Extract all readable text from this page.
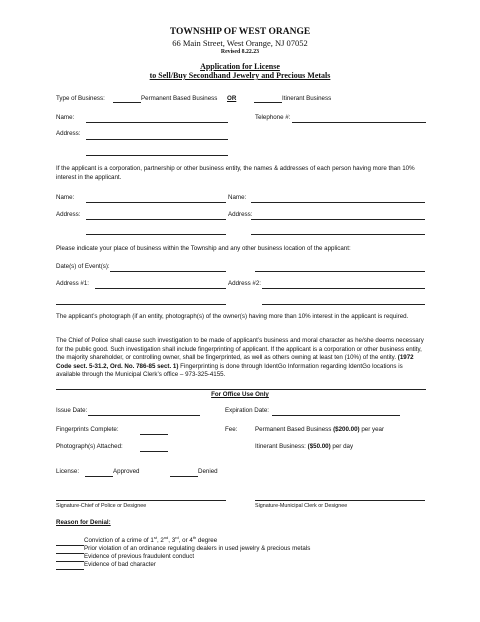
TOWNSHIP OF WEST ORANGE
66 Main Street, West Orange, NJ 07052
Revised 8.22.23
Application for License
to Sell/Buy Secondhand Jewelry and Precious Metals
Type of Business:	Permanent Based Business OR	Itinerant Business
Name:	Telephone #:
Address:
If the applicant is a corporation, partnership or other business entity, the names & addresses of each person having more than 10% interest in the applicant.
Name:	Name:
Address:	Address:
Please indicate your place of business within the Township and any other business location of the applicant:
Date(s) of Event(s):
Address #1:	Address #2:
The applicant’s photograph (if an entity, photograph(s) of the owner(s) having more than 10% interest in the applicant is required.
The Chief of Police shall cause such investigation to be made of applicant’s business and moral character as he/she deems necessary for the public good. Such investigation shall include fingerprinting of applicant. If the applicant is a corporation or other business entity, the majority shareholder, or controlling owner, shall be fingerprinted, as well as others owning at least ten (10%) of the entity. (1972 Code sect. 5-31.2, Ord. No. 786-85 sect. 1) Fingerprinting is done through IdentGo Information regarding IdentGo locations is available through the Municipal Clerk’s office – 973-325-4155.
For Office Use Only
Issue Date:	Expiration Date:
Fingerprints Complete:	Fee:	Permanent Based Business ($200.00) per year
Photograph(s) Attached:	Itinerant Business: ($50.00) per day
License:	Approved	Denied
Signature-Chief of Police or Designee	Signature-Municipal Clerk or Designee
Reason for Denial:
Conviction of a crime of 1st, 2nd, 3rd, or 4th degree
Prior violation of an ordinance regulating dealers in used jewelry & precious metals
Evidence of previous fraudulent conduct
Evidence of bad character
